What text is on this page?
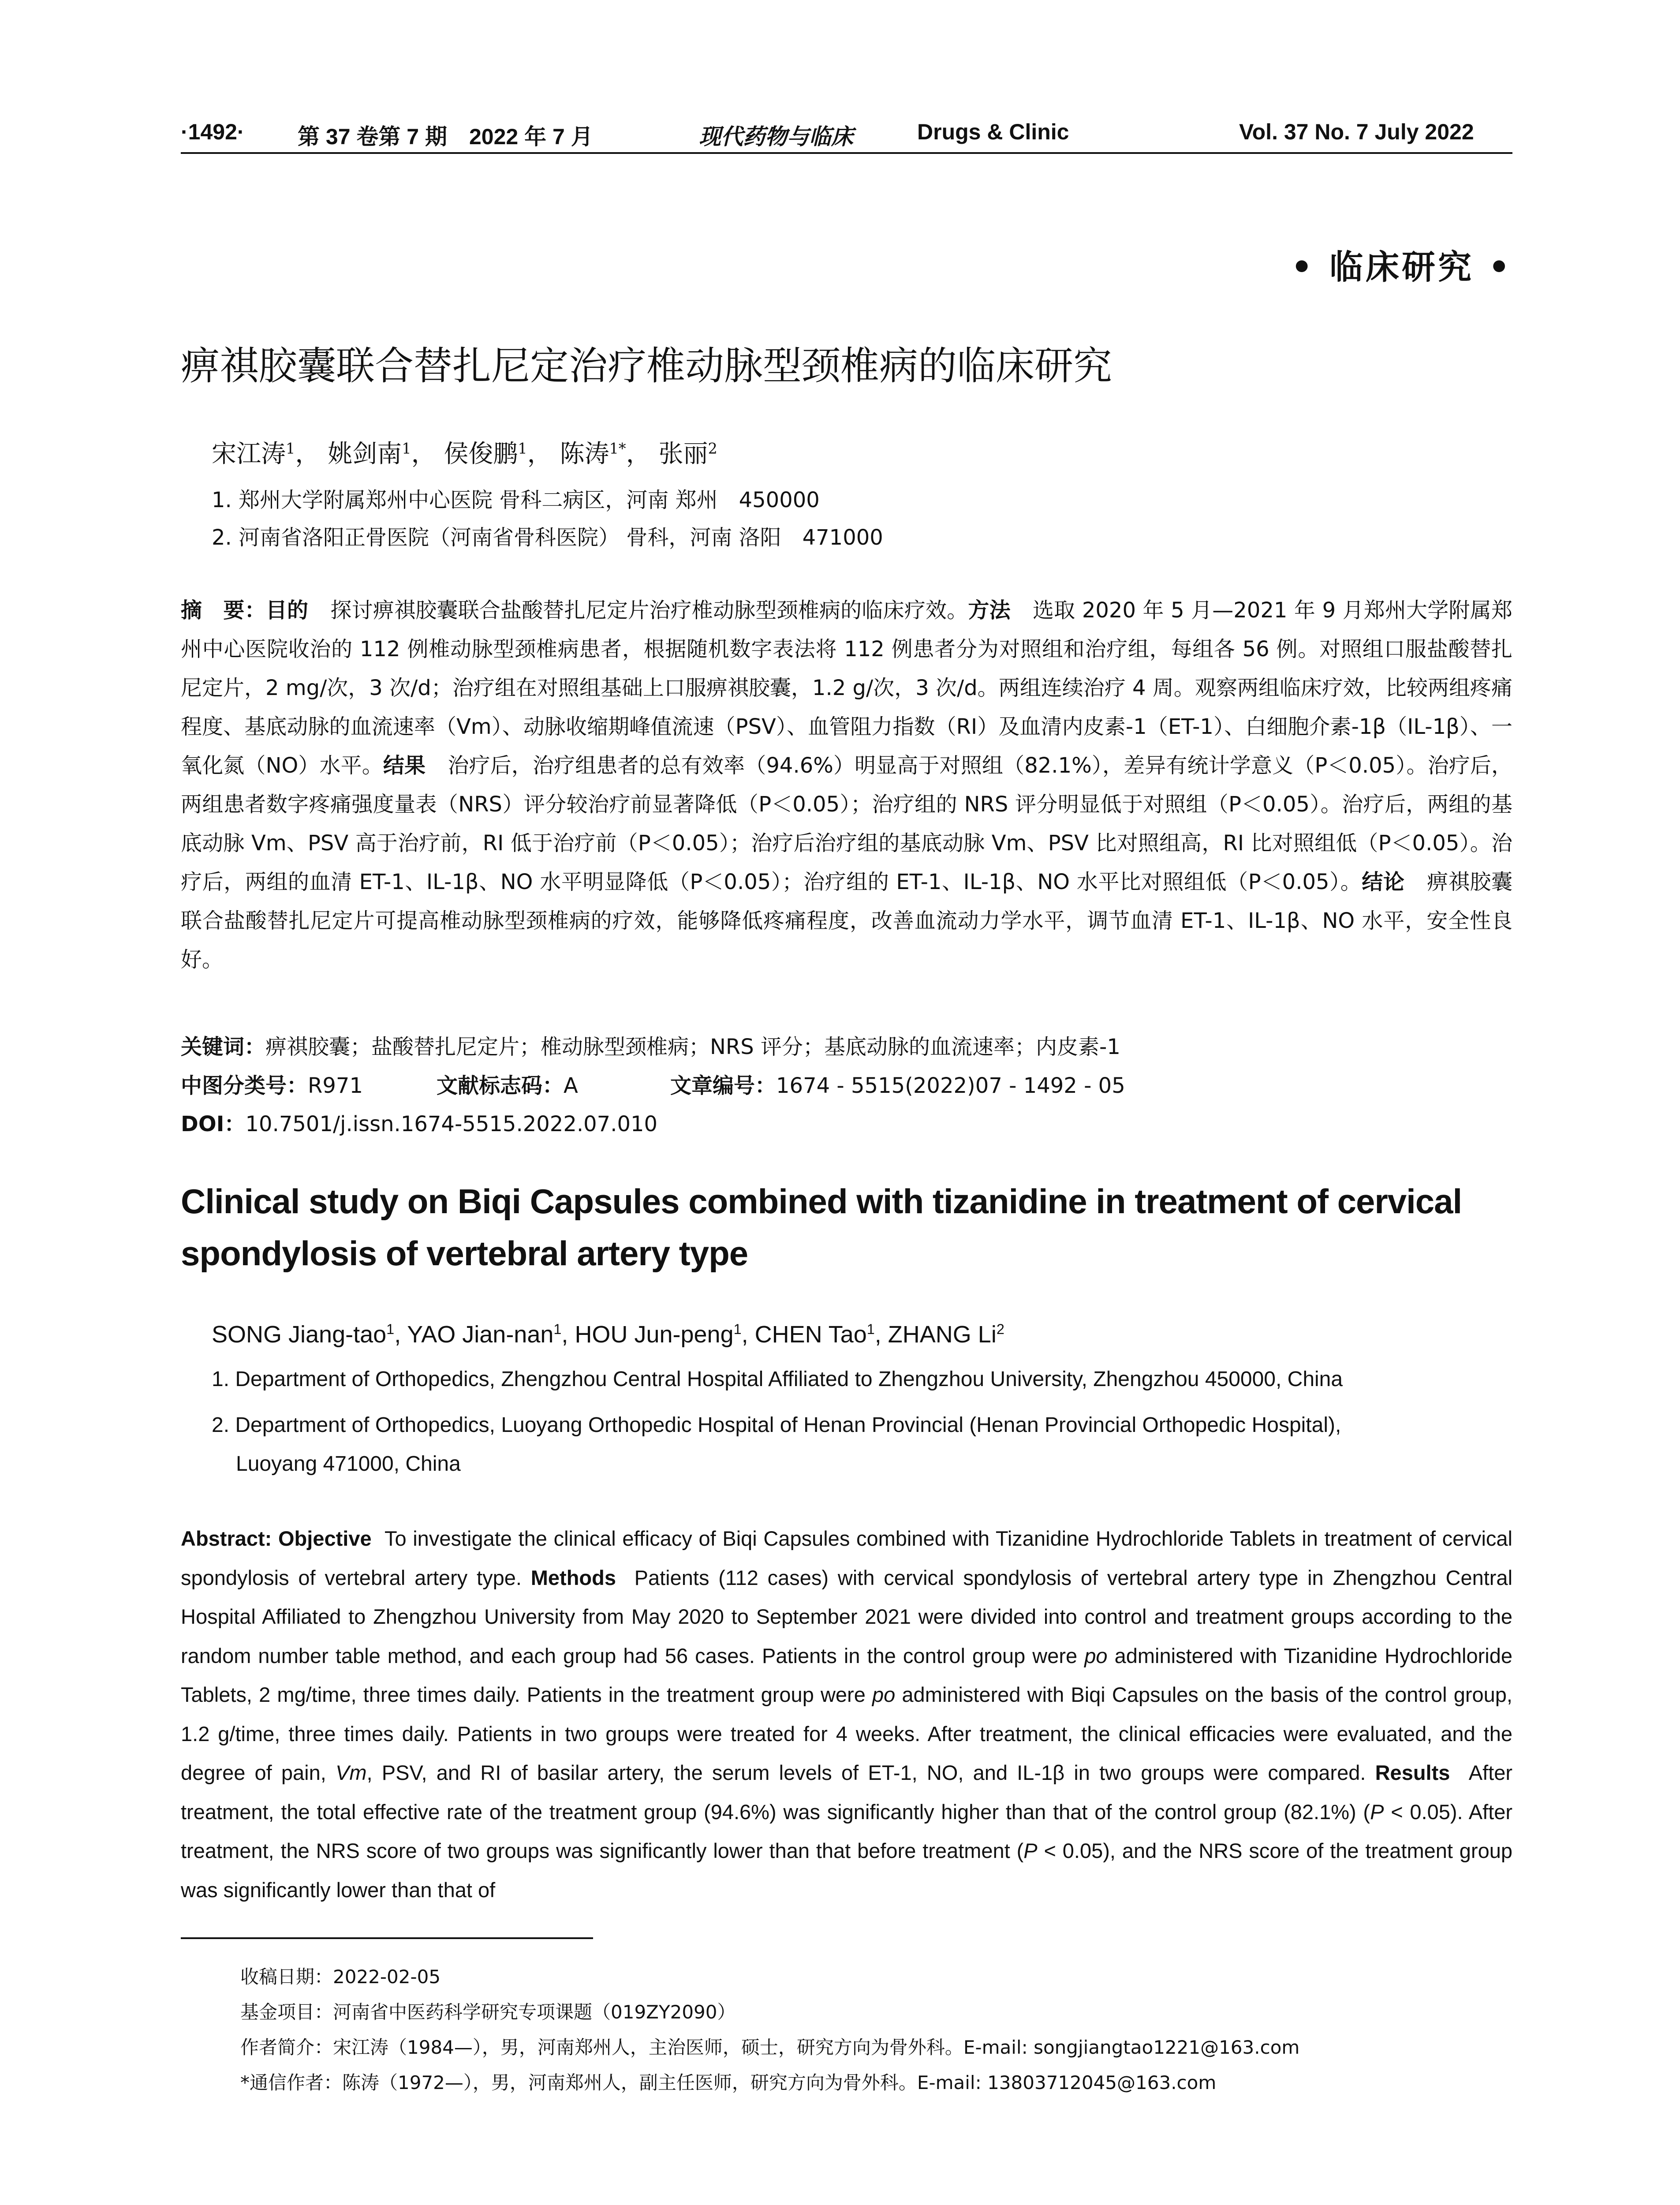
·1492· 第 37 卷第 7 期　2022 年 7 月	现代药物与临床	Drugs & Clinic	Vol. 37 No. 7 July 2022
• 临床研究 •
痹祺胶囊联合替扎尼定治疗椎动脉型颈椎病的临床研究
宋江涛$^1$， 姚剑南$^1$， 侯俊鹏$^1$， 陈涛$^{1*}$， 张丽$^2$
1. 郑州大学附属郑州中心医院 骨科二病区，河南 郑州　450000
2. 河南省洛阳正骨医院（河南省骨科医院） 骨科，河南 洛阳　471000
摘　要：目的 探讨痹祺胶囊联合盐酸替扎尼定片治疗椎动脉型颈椎病的临床疗效。方法 选取 2020 年 5 月—2021 年 9 月郑州大学附属郑州中心医院收治的 112 例椎动脉型颈椎病患者，根据随机数字表法将 112 例患者分为对照组和治疗组，每组各 56 例。对照组口服盐酸替扎尼定片，2 mg/次，3 次/d；治疗组在对照组基础上口服痹祺胶囊，1.2 g/次，3 次/d。两组连续治疗 4 周。观察两组临床疗效，比较两组疼痛程度、基底动脉的血流速率（Vm）、动脉收缩期峰值流速（PSV）、血管阻力指数（RI）及血清内皮素-1（ET-1）、白细胞介素-1β（IL-1β）、一氧化氮（NO）水平。结果 治疗后，治疗组患者的总有效率（94.6%）明显高于对照组（82.1%），差异有统计学意义（P＜0.05）。治疗后，两组患者数字疼痛强度量表（NRS）评分较治疗前显著降低（P＜0.05）；治疗组的 NRS 评分明显低于对照组（P＜0.05）。治疗后，两组的基底动脉 Vm、PSV 高于治疗前，RI 低于治疗前（P＜0.05）；治疗后治疗组的基底动脉 Vm、PSV 比对照组高，RI 比对照组低（P＜0.05）。治疗后，两组的血清 ET-1、IL-1β、NO 水平明显降低（P＜0.05）；治疗组的 ET-1、IL-1β、NO 水平比对照组低（P＜0.05）。结论 痹祺胶囊联合盐酸替扎尼定片可提高椎动脉型颈椎病的疗效，能够降低疼痛程度，改善血流动力学水平，调节血清 ET-1、IL-1β、NO 水平，安全性良好。
关键词：痹祺胶囊；盐酸替扎尼定片；椎动脉型颈椎病；NRS 评分；基底动脉的血流速率；内皮素-1
中图分类号：R971	文献标志码：A	文章编号：1674 - 5515(2022)07 - 1492 - 05
DOI：10.7501/j.issn.1674-5515.2022.07.010
Clinical study on Biqi Capsules combined with tizanidine in treatment of cervical spondylosis of vertebral artery type
SONG Jiang-tao$^1$, YAO Jian-nan$^1$, HOU Jun-peng$^1$, CHEN Tao$^1$, ZHANG Li$^2$
1. Department of Orthopedics, Zhengzhou Central Hospital Affiliated to Zhengzhou University, Zhengzhou 450000, China
2. Department of Orthopedics, Luoyang Orthopedic Hospital of Henan Provincial (Henan Provincial Orthopedic Hospital),
Luoyang 471000, China
Abstract: Objective To investigate the clinical efficacy of Biqi Capsules combined with Tizanidine Hydrochloride Tablets in treatment of cervical spondylosis of vertebral artery type. Methods Patients (112 cases) with cervical spondylosis of vertebral artery type in Zhengzhou Central Hospital Affiliated to Zhengzhou University from May 2020 to September 2021 were divided into control and treatment groups according to the random number table method, and each group had 56 cases. Patients in the control group were po administered with Tizanidine Hydrochloride Tablets, 2 mg/time, three times daily. Patients in the treatment group were po administered with Biqi Capsules on the basis of the control group, 1.2 g/time, three times daily. Patients in two groups were treated for 4 weeks. After treatment, the clinical efficacies were evaluated, and the degree of pain, Vm, PSV, and RI of basilar artery, the serum levels of ET-1, NO, and IL-1β in two groups were compared. Results After treatment, the total effective rate of the treatment group (94.6%) was significantly higher than that of the control group (82.1%) (P < 0.05). After treatment, the NRS score of two groups was significantly lower than that before treatment (P < 0.05), and the NRS score of the treatment group was significantly lower than that of
收稿日期：2022-02-05
基金项目：河南省中医药科学研究专项课题（019ZY2090）
作者简介：宋江涛（1984—），男，河南郑州人，主治医师，硕士，研究方向为骨外科。E-mail: songjiangtao1221@163.com
*通信作者：陈涛（1972—），男，河南郑州人，副主任医师，研究方向为骨外科。E-mail: 13803712045@163.com
